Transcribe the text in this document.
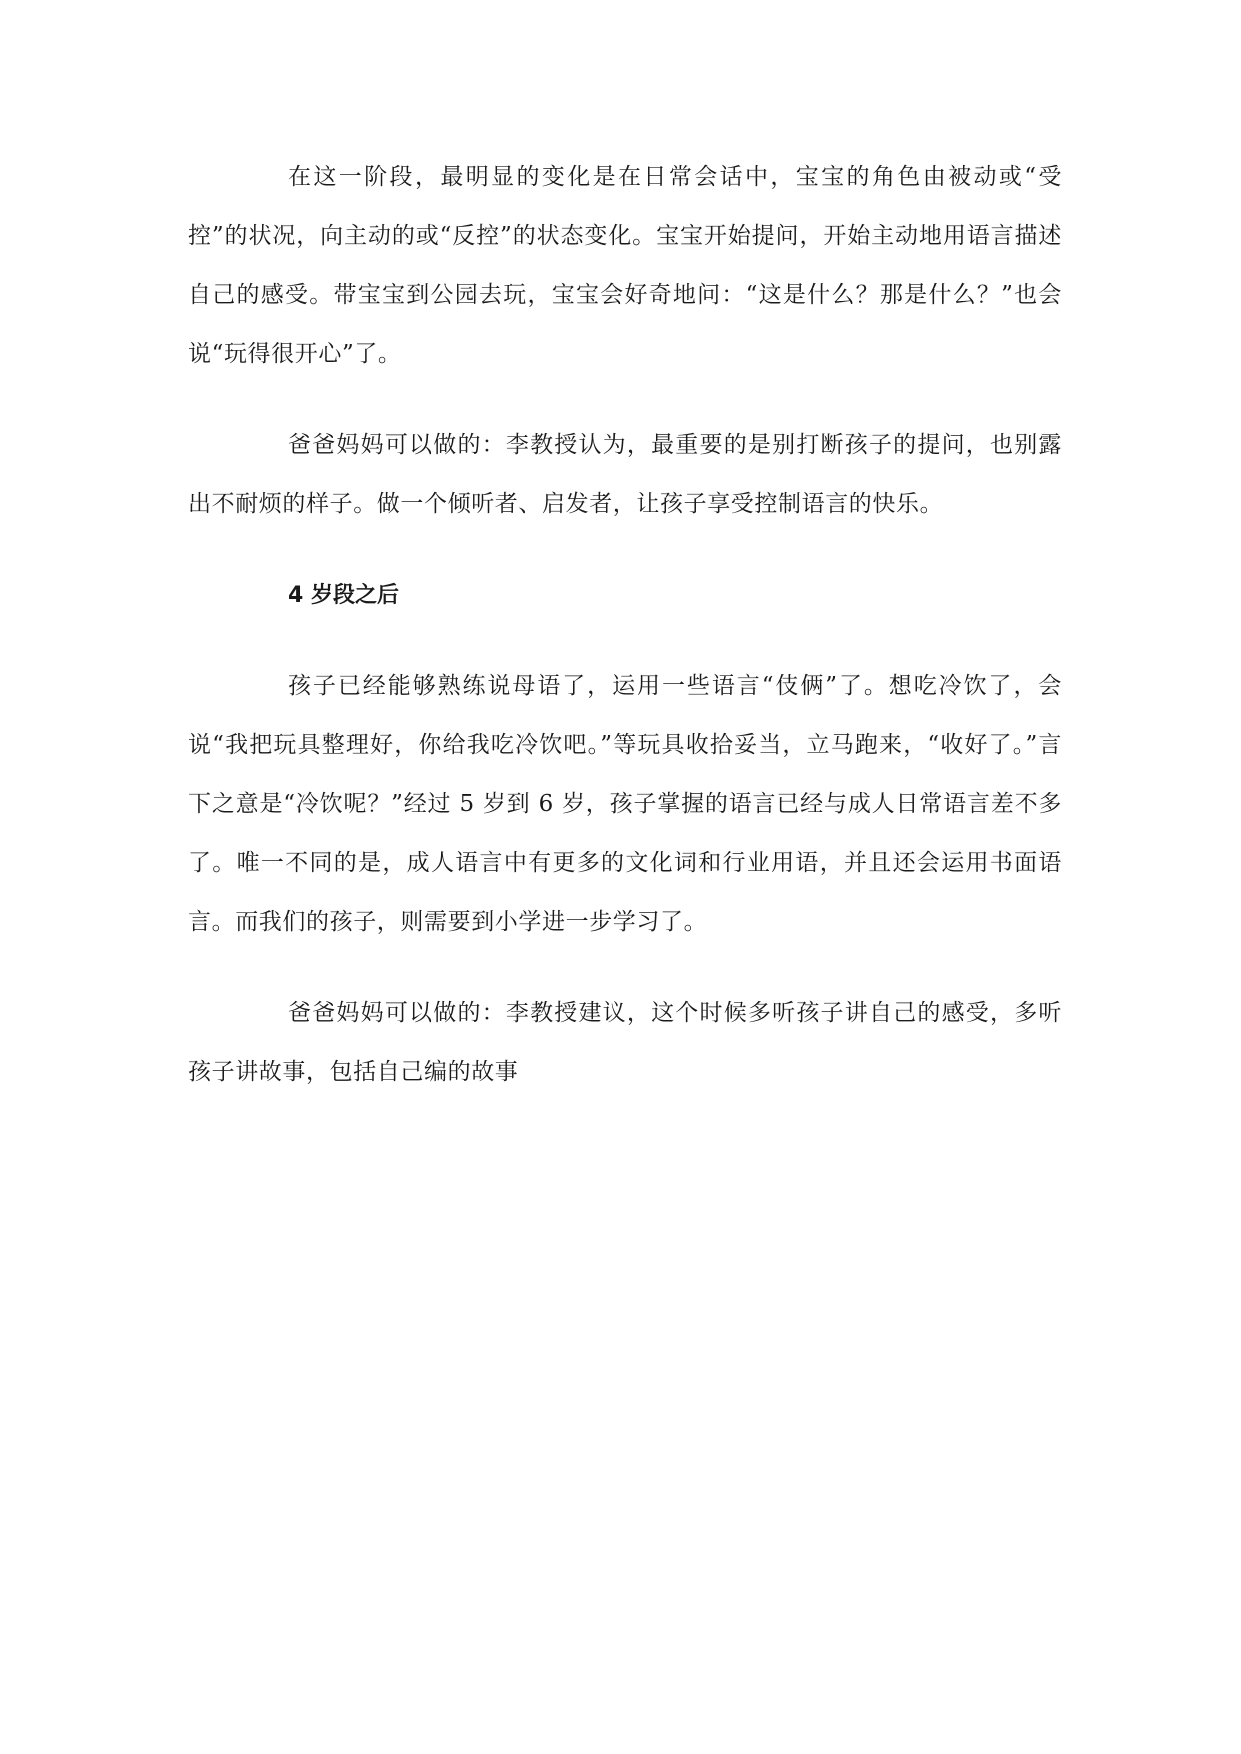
在这一阶段，最明显的变化是在日常会话中，宝宝的角色由被动或“受控”的状况，向主动的或“反控”的状态变化。宝宝开始提问，开始主动地用语言描述自己的感受。带宝宝到公园去玩，宝宝会好奇地问：“这是什么？那是什么？”也会说“玩得很开心”了。

爸爸妈妈可以做的：李教授认为，最重要的是别打断孩子的提问，也别露出不耐烦的样子。做一个倾听者、启发者，让孩子享受控制语言的快乐。

4 岁段之后

孩子已经能够熟练说母语了，运用一些语言“伎俩”了。想吃冷饮了，会说“我把玩具整理好，你给我吃冷饮吧。”等玩具收拾妥当，立马跑来，“收好了。”言下之意是“冷饮呢？”经过 5 岁到 6 岁，孩子掌握的语言已经与成人日常语言差不多了。唯一不同的是，成人语言中有更多的文化词和行业用语，并且还会运用书面语言。而我们的孩子，则需要到小学进一步学习了。

爸爸妈妈可以做的：李教授建议，这个时候多听孩子讲自己的感受，多听孩子讲故事，包括自己编的故事
